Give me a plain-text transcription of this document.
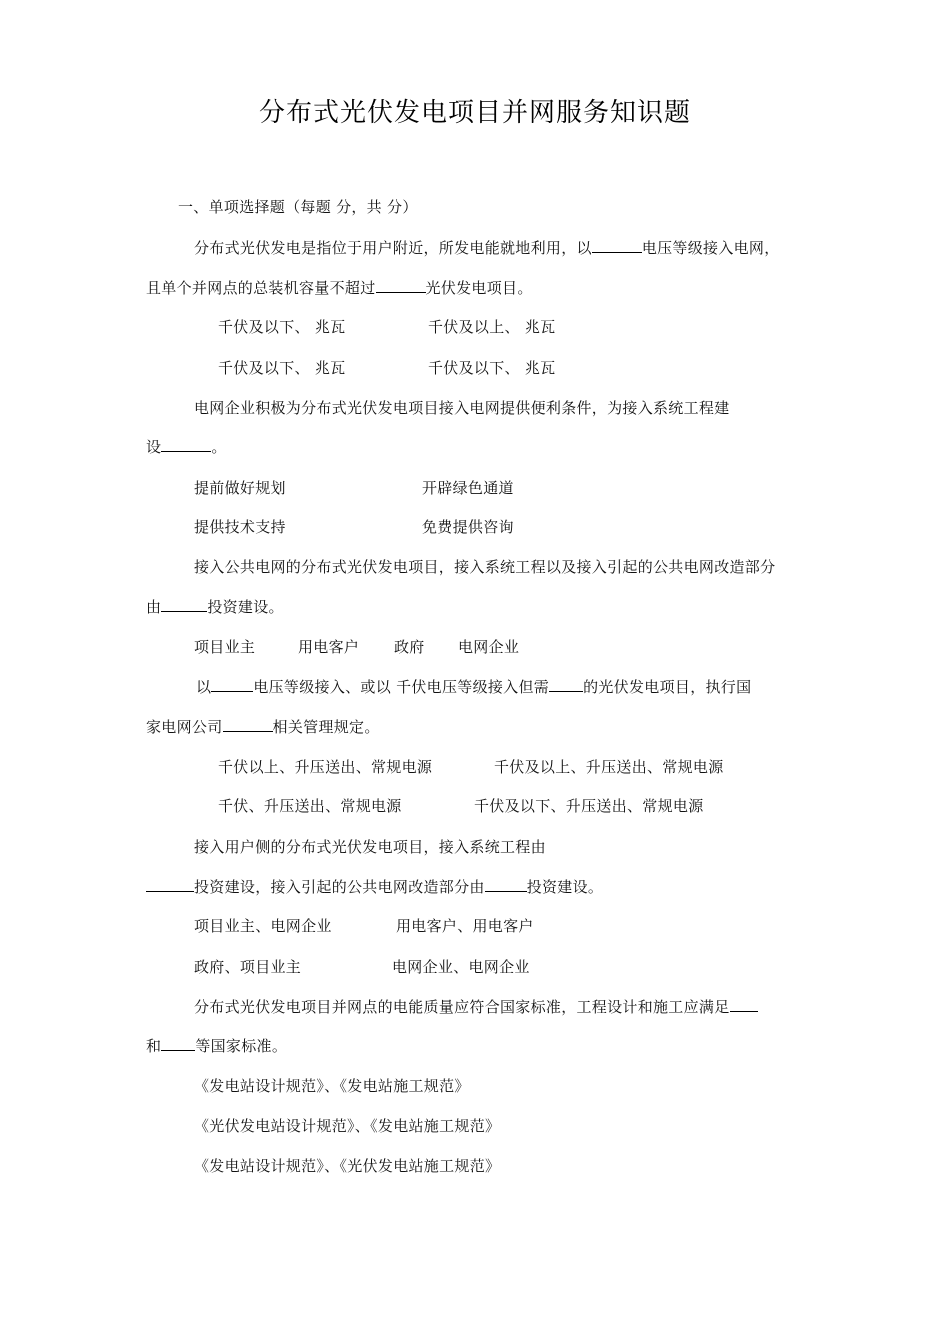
分布式光伏发电项目并网服务知识题
一、单项选择题（每题 分，共 分）
分布式光伏发电是指位于用户附近，所发电能就地利用，以	电压等级接入电网，
且单个并网点的总装机容量不超过	光伏发电项目。
千伏及以下、 兆瓦	千伏及以上、 兆瓦
千伏及以下、 兆瓦	千伏及以下、 兆瓦
电网企业积极为分布式光伏发电项目接入电网提供便利条件，为接入系统工程建
设	。
提前做好规划	开辟绿色通道
提供技术支持	免费提供咨询
接入公共电网的分布式光伏发电项目，接入系统工程以及接入引起的公共电网改造部分
由	投资建设。
项目业主	用电客户 政府 电网企业
以	电压等级接入、或以 千伏电压等级接入但需 的光伏发电项目，执行国
家电网公司	相关管理规定。
千伏以上、升压送出、常规电源	千伏及以上、升压送出、常规电源
千伏、升压送出、常规电源	千伏及以下、升压送出、常规电源
接入用户侧的分布式光伏发电项目，接入系统工程由
投资建设，接入引起的公共电网改造部分由	投资建设。
项目业主、电网企业	用电客户、用电客户
政府、项目业主	电网企业、电网企业
分布式光伏发电项目并网点的电能质量应符合国家标准，工程设计和施工应满足
和 等国家标准。
《发电站设计规范》、《发电站施工规范》
《光伏发电站设计规范》、《发电站施工规范》
《发电站设计规范》、《光伏发电站施工规范》
